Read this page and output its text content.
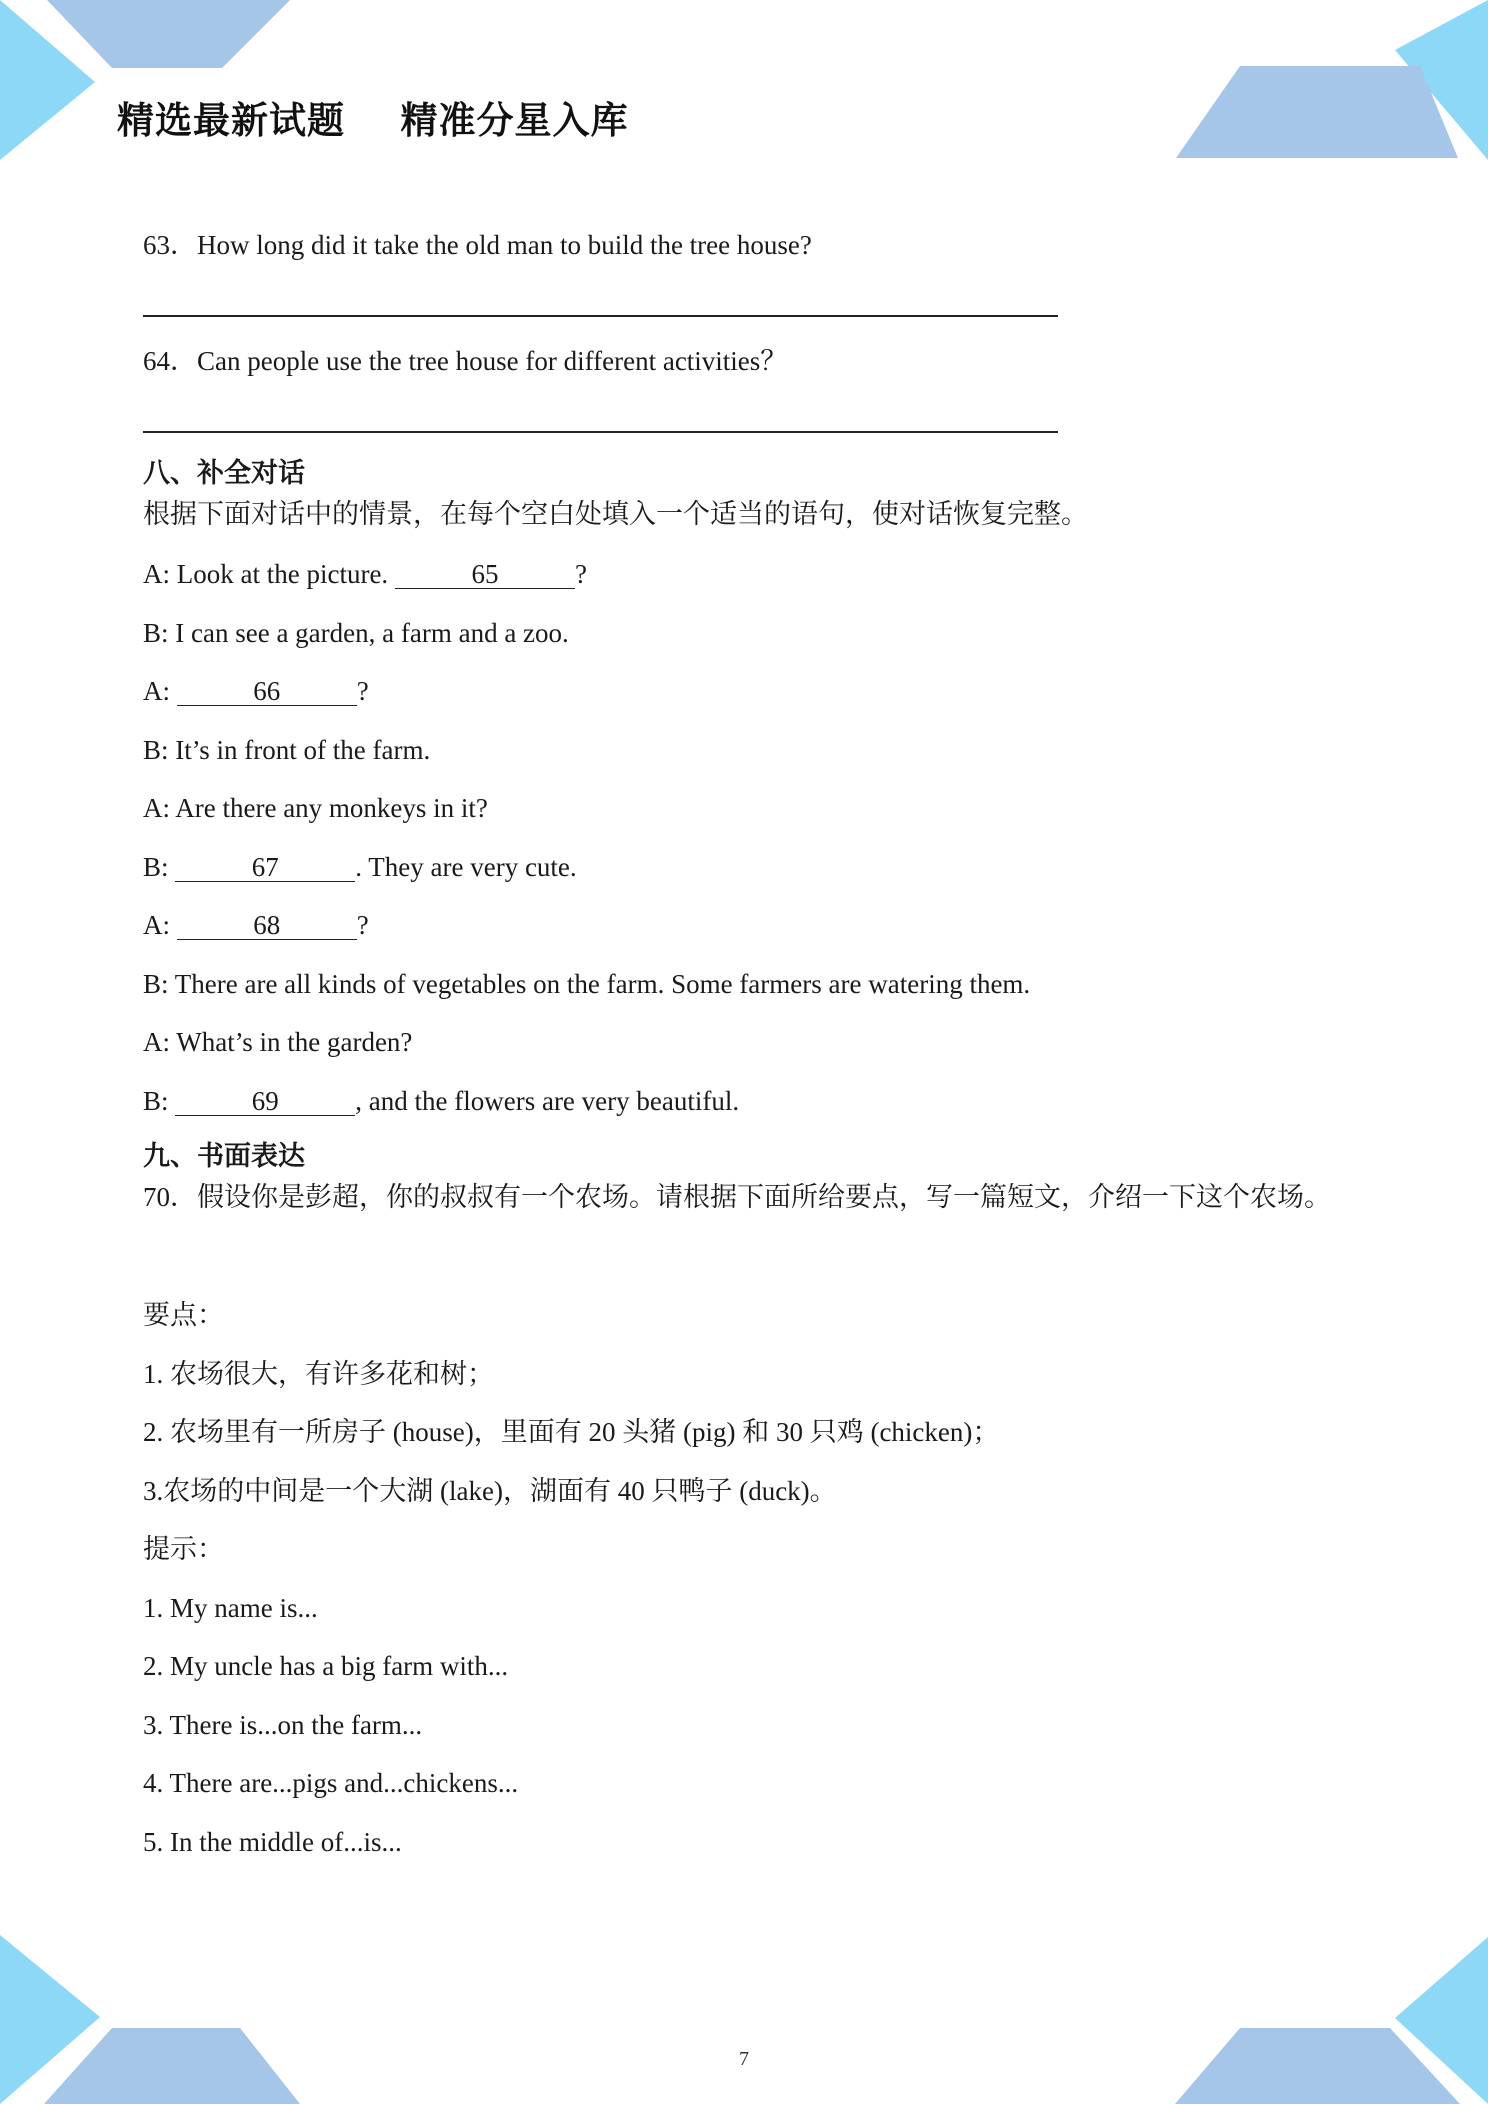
精选最新试题    精准分星入库
63．How long did it take the old man to build the tree house?
64．Can people use the tree house for different activities？
八、补全对话
根据下面对话中的情景，在每个空白处填入一个适当的语句，使对话恢复完整。
A: Look at the picture.	65	?
B: I can see a garden, a farm and a zoo.
A:	66	?
B: It’s in front of the farm.
A: Are there any monkeys in it?
B:	67	. They are very cute.
A:	68	?
B: There are all kinds of vegetables on the farm. Some farmers are watering them.
A: What’s in the garden?
B:	69	, and the flowers are very beautiful.
九、书面表达
70．假设你是彭超，你的叔叔有一个农场。请根据下面所给要点，写一篇短文，介绍一下这个农场。
要点：
1. 农场很大，有许多花和树；
2. 农场里有一所房子 (house)，里面有 20 头猪 (pig) 和 30 只鸡 (chicken)；
3.农场的中间是一个大湖 (lake)，湖面有 40 只鸭子 (duck)。
提示：
1. My name is...
2. My uncle has a big farm with...
3. There is...on the farm...
4. There are...pigs and...chickens...
5. In the middle of...is...
7
